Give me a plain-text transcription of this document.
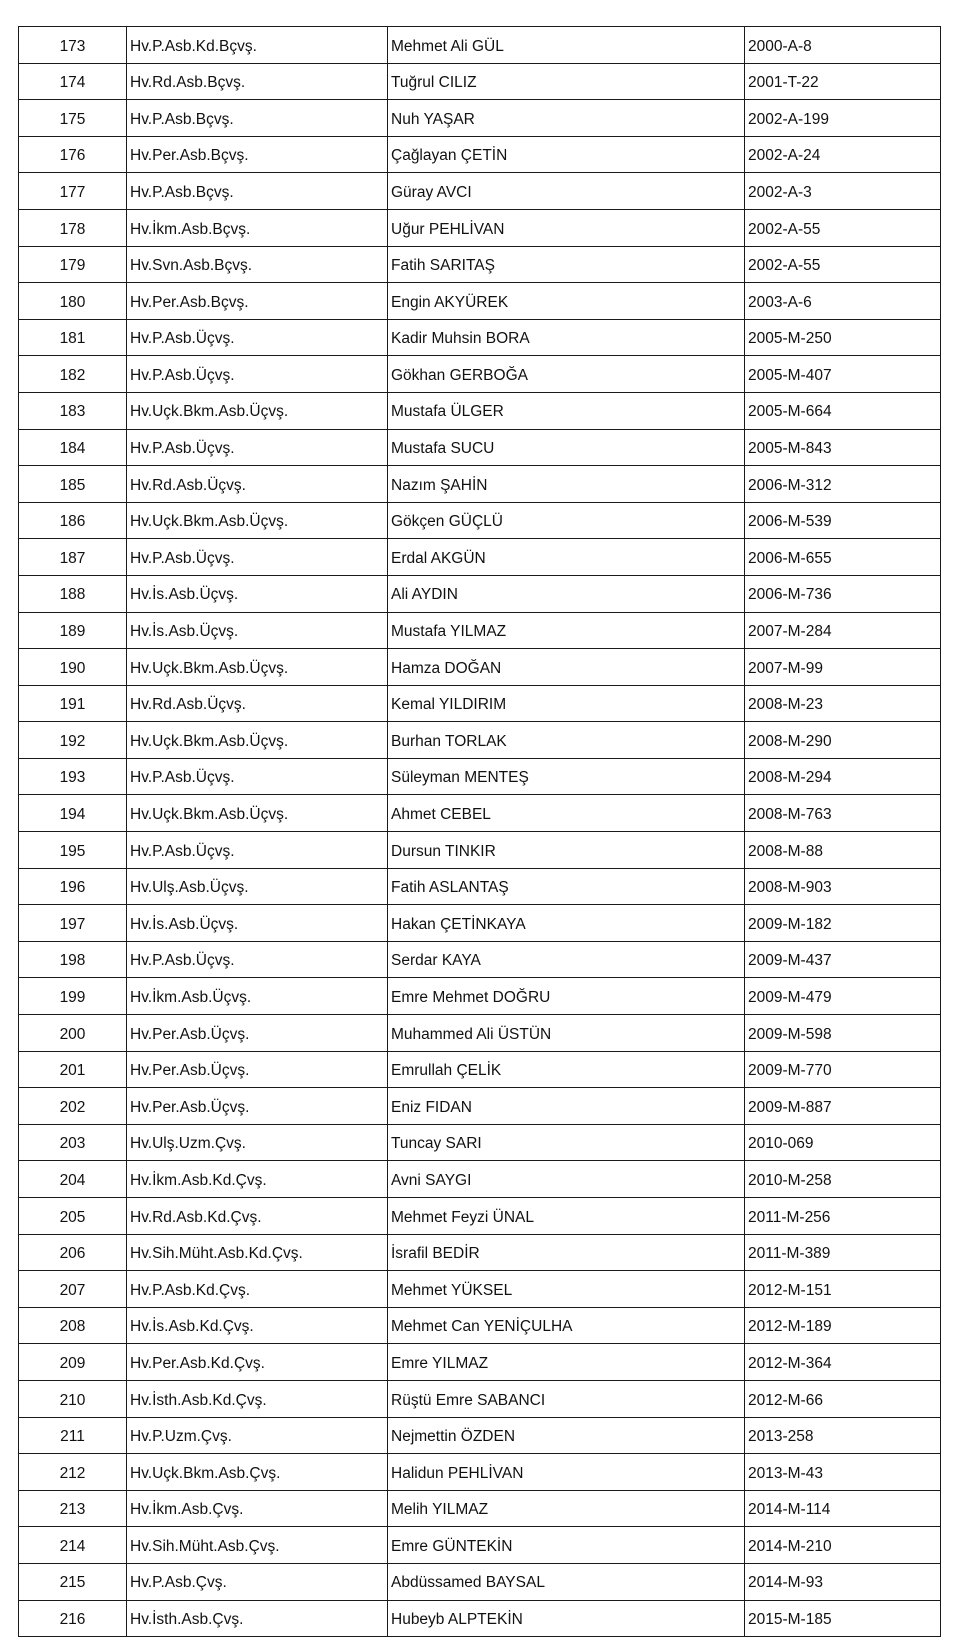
173	Hv.P.Asb.Kd.Bçvş.	Mehmet Ali GÜL	2000-A-8
174	Hv.Rd.Asb.Bçvş.	Tuğrul CILIZ	2001-T-22
175	Hv.P.Asb.Bçvş.	Nuh YAŞAR	2002-A-199
176	Hv.Per.Asb.Bçvş.	Çağlayan ÇETİN	2002-A-24
177	Hv.P.Asb.Bçvş.	Güray AVCI	2002-A-3
178	Hv.İkm.Asb.Bçvş.	Uğur PEHLİVAN	2002-A-55
179	Hv.Svn.Asb.Bçvş.	Fatih SARITAŞ	2002-A-55
180	Hv.Per.Asb.Bçvş.	Engin AKYÜREK	2003-A-6
181	Hv.P.Asb.Üçvş.	Kadir Muhsin BORA	2005-M-250
182	Hv.P.Asb.Üçvş.	Gökhan GERBOĞA	2005-M-407
183	Hv.Uçk.Bkm.Asb.Üçvş.	Mustafa ÜLGER	2005-M-664
184	Hv.P.Asb.Üçvş.	Mustafa SUCU	2005-M-843
185	Hv.Rd.Asb.Üçvş.	Nazım ŞAHİN	2006-M-312
186	Hv.Uçk.Bkm.Asb.Üçvş.	Gökçen GÜÇLÜ	2006-M-539
187	Hv.P.Asb.Üçvş.	Erdal AKGÜN	2006-M-655
188	Hv.İs.Asb.Üçvş.	Ali AYDIN	2006-M-736
189	Hv.İs.Asb.Üçvş.	Mustafa YILMAZ	2007-M-284
190	Hv.Uçk.Bkm.Asb.Üçvş.	Hamza DOĞAN	2007-M-99
191	Hv.Rd.Asb.Üçvş.	Kemal YILDIRIM	2008-M-23
192	Hv.Uçk.Bkm.Asb.Üçvş.	Burhan TORLAK	2008-M-290
193	Hv.P.Asb.Üçvş.	Süleyman MENTEŞ	2008-M-294
194	Hv.Uçk.Bkm.Asb.Üçvş.	Ahmet CEBEL	2008-M-763
195	Hv.P.Asb.Üçvş.	Dursun TINKIR	2008-M-88
196	Hv.Ulş.Asb.Üçvş.	Fatih ASLANTAŞ	2008-M-903
197	Hv.İs.Asb.Üçvş.	Hakan ÇETİNKAYA	2009-M-182
198	Hv.P.Asb.Üçvş.	Serdar KAYA	2009-M-437
199	Hv.İkm.Asb.Üçvş.	Emre Mehmet DOĞRU	2009-M-479
200	Hv.Per.Asb.Üçvş.	Muhammed Ali ÜSTÜN	2009-M-598
201	Hv.Per.Asb.Üçvş.	Emrullah ÇELİK	2009-M-770
202	Hv.Per.Asb.Üçvş.	Eniz FIDAN	2009-M-887
203	Hv.Ulş.Uzm.Çvş.	Tuncay SARI	2010-069
204	Hv.İkm.Asb.Kd.Çvş.	Avni SAYGI	2010-M-258
205	Hv.Rd.Asb.Kd.Çvş.	Mehmet Feyzi ÜNAL	2011-M-256
206	Hv.Sih.Müht.Asb.Kd.Çvş.	İsrafil BEDİR	2011-M-389
207	Hv.P.Asb.Kd.Çvş.	Mehmet YÜKSEL	2012-M-151
208	Hv.İs.Asb.Kd.Çvş.	Mehmet Can YENİÇULHA	2012-M-189
209	Hv.Per.Asb.Kd.Çvş.	Emre YILMAZ	2012-M-364
210	Hv.İsth.Asb.Kd.Çvş.	Rüştü Emre SABANCI	2012-M-66
211	Hv.P.Uzm.Çvş.	Nejmettin ÖZDEN	2013-258
212	Hv.Uçk.Bkm.Asb.Çvş.	Halidun PEHLİVAN	2013-M-43
213	Hv.İkm.Asb.Çvş.	Melih YILMAZ	2014-M-114
214	Hv.Sih.Müht.Asb.Çvş.	Emre GÜNTEKİN	2014-M-210
215	Hv.P.Asb.Çvş.	Abdüssamed BAYSAL	2014-M-93
216	Hv.İsth.Asb.Çvş.	Hubeyb ALPTEKİN	2015-M-185
